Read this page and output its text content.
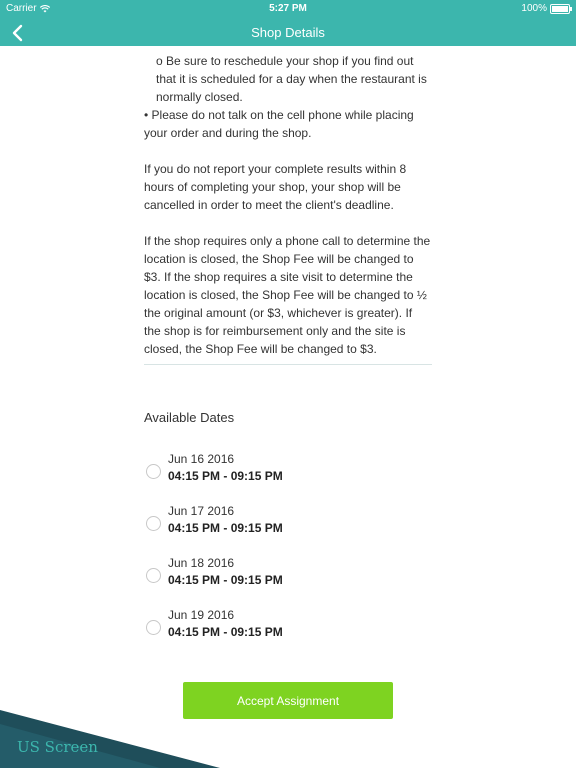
Carrier	5:27 PM	100%
Shop Details

o Be sure to reschedule your shop if you find out that it is scheduled for a day when the restaurant is normally closed.

• Please do not talk on the cell phone while placing your order and during the shop.

If you do not report your complete results within 8 hours of completing your shop, your shop will be cancelled in order to meet the client's deadline.

If the shop requires only a phone call to determine the location is closed, the Shop Fee will be changed to $3. If the shop requires a site visit to determine the location is closed, the Shop Fee will be changed to ½ the original amount (or $3, whichever is greater). If the shop is for reimbursement only and the site is closed, the Shop Fee will be changed to $3.

Available Dates
Jun 16 2016
04:15 PM - 09:15 PM
Jun 17 2016
04:15 PM - 09:15 PM
Jun 18 2016
04:15 PM - 09:15 PM
Jun 19 2016
04:15 PM - 09:15 PM
Accept Assignment
US Screen
